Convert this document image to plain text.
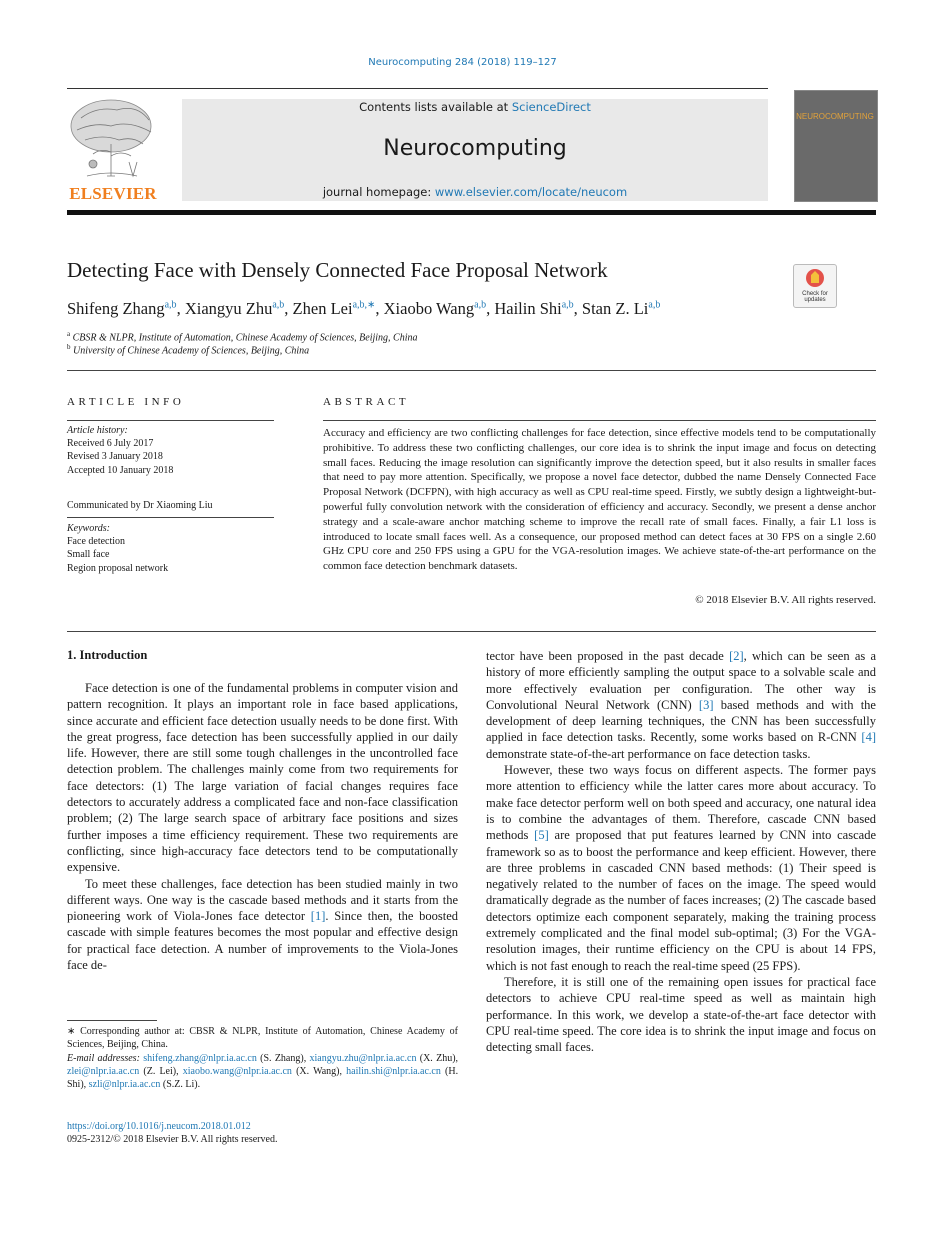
Neurocomputing 284 (2018) 119–127
Contents lists available at ScienceDirect
Neurocomputing
journal homepage: www.elsevier.com/locate/neucom
ELSEVIER
NEUROCOMPUTING
Detecting Face with Densely Connected Face Proposal Network
Check for updates
Shifeng Zhang$^{a,b}$, Xiangyu Zhu$^{a,b}$, Zhen Lei$^{a,b,∗}$, Xiaobo Wang$^{a,b}$, Hailin Shi$^{a,b}$, Stan Z. Li$^{a,b}$
$^a$ CBSR & NLPR, Institute of Automation, Chinese Academy of Sciences, Beijing, China
$^b$ University of Chinese Academy of Sciences, Beijing, China
ARTICLE INFO
Article history:
Received 6 July 2017
Revised 3 January 2018
Accepted 10 January 2018
Communicated by Dr Xiaoming Liu
Keywords:
Face detection
Small face
Region proposal network
ABSTRACT
Accuracy and efficiency are two conflicting challenges for face detection, since effective models tend to be computationally prohibitive. To address these two conflicting challenges, our core idea is to shrink the input image and focus on detecting small faces. Reducing the image resolution can significantly improve the detection speed, but it also results in smaller faces that need to pay more attention. Specifically, we propose a novel face detector, dubbed the name Densely Connected Face Proposal Network (DCFPN), with high accuracy as well as CPU real-time speed. Firstly, we subtly design a lightweight-but-powerful fully convolution network with the consideration of efficiency and accuracy. Secondly, we present a dense anchor strategy and a scale-aware anchor matching scheme to improve the recall rate of small faces. Finally, a fair L1 loss is introduced to locate small faces well. As a consequence, our proposed method can detect faces at 30 FPS on a single 2.60 GHz CPU core and 250 FPS using a GPU for the VGA-resolution images. We achieve state-of-the-art performance on the common face detection benchmark datasets.
© 2018 Elsevier B.V. All rights reserved.
1. Introduction

Face detection is one of the fundamental problems in computer vision and pattern recognition. It plays an important role in face based applications, since accurate and efficient face detection usually needs to be done first. With the great progress, face detection has been successfully applied in our daily life. However, there are still some tough challenges in the uncontrolled face detection problem. The challenges mainly come from two requirements for face detectors: (1) The large variation of facial changes requires face detectors to accurately address a complicated face and non-face classification problem; (2) The large search space of arbitrary face positions and sizes further imposes a time efficiency requirement. These two requirements are conflicting, since high-accuracy face detectors tend to be computationally expensive.

To meet these challenges, face detection has been studied mainly in two different ways. One way is the cascade based methods and it starts from the pioneering work of Viola-Jones face detector [1]. Since then, the boosted cascade with simple features becomes the most popular and effective design for practical face detection. A number of improvements to the Viola-Jones face de-

tector have been proposed in the past decade [2], which can be seen as a history of more efficiently sampling the output space to a solvable scale and more effectively evaluation per configuration. The other way is Convolutional Neural Network (CNN) [3] based methods and with the development of deep learning techniques, the CNN has been successfully applied in face detection tasks. Recently, some works based on R-CNN [4] demonstrate state-of-the-art performance on face detection tasks.

However, these two ways focus on different aspects. The former pays more attention to efficiency while the latter cares more about accuracy. To make face detector perform well on both speed and accuracy, one natural idea is to combine the advantages of them. Therefore, cascade CNN based methods [5] are proposed that put features learned by CNN into cascade framework so as to boost the performance and keep efficient. However, there are three problems in cascaded CNN based methods: (1) Their speed is negatively related to the number of faces on the image. The speed would dramatically degrade as the number of faces increases; (2) The cascade based detectors optimize each component separately, making the training process extremely complicated and the final model sub-optimal; (3) For the VGA-resolution images, their runtime efficiency on the CPU is about 14 FPS, which is not fast enough to reach the real-time speed (25 FPS).

Therefore, it is still one of the remaining open issues for practical face detectors to achieve CPU real-time speed as well as maintain high performance. In this work, we develop a state-of-the-art face detector with CPU real-time speed. The core idea is to shrink the input image and focus on detecting small faces.

∗ Corresponding author at: CBSR & NLPR, Institute of Automation, Chinese Academy of Sciences, Beijing, China.
E-mail addresses: shifeng.zhang@nlpr.ia.ac.cn (S. Zhang), xiangyu.zhu@nlpr.ia.ac.cn (X. Zhu), zlei@nlpr.ia.ac.cn (Z. Lei), xiaobo.wang@nlpr.ia.ac.cn (X. Wang), hailin.shi@nlpr.ia.ac.cn (H. Shi), szli@nlpr.ia.ac.cn (S.Z. Li).
https://doi.org/10.1016/j.neucom.2018.01.012
0925-2312/© 2018 Elsevier B.V. All rights reserved.
